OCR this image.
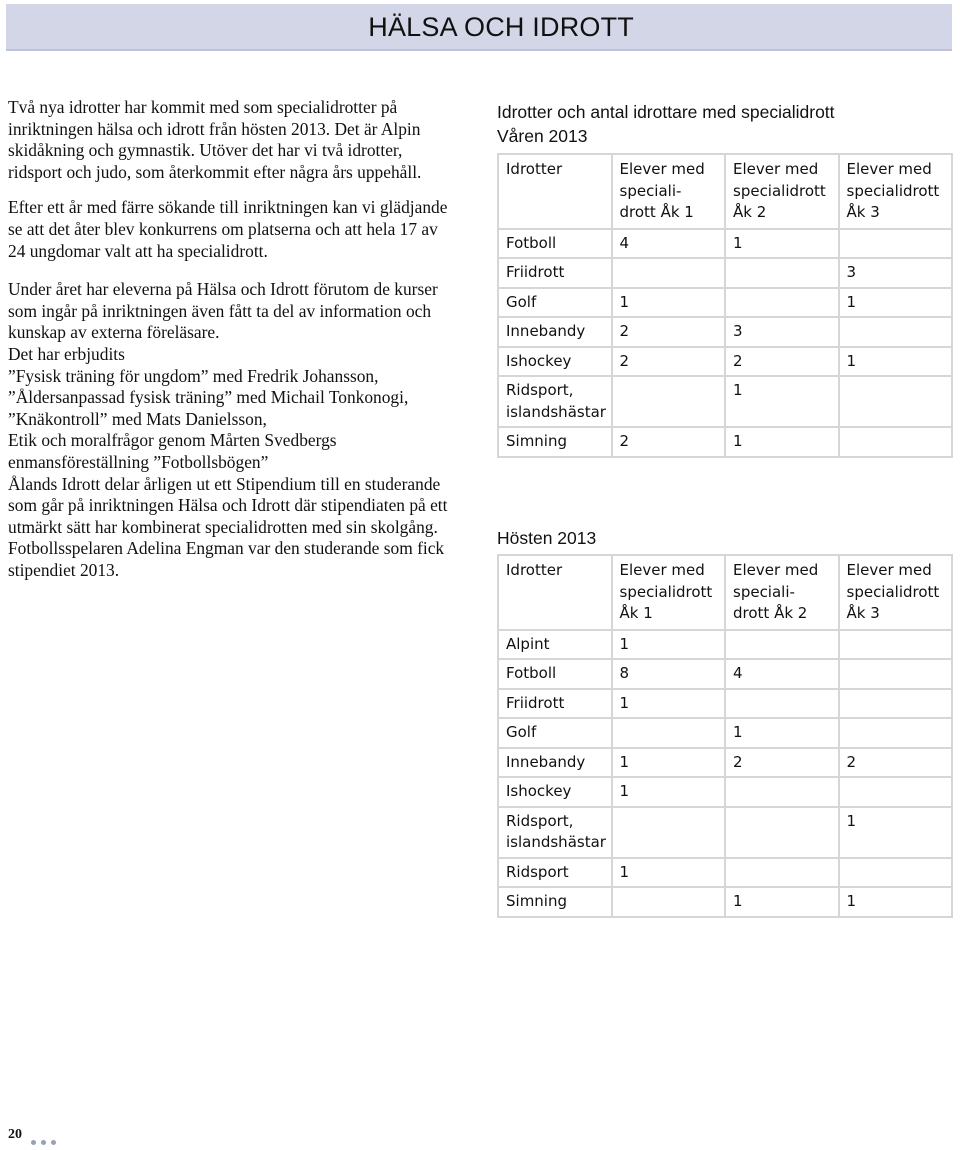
HÄLSA OCH IDROTT

Två nya idrotter har kommit med som specialidrotter på inriktningen hälsa och idrott från hösten 2013. Det är Alpin skidåkning och gymnastik. Utöver det har vi två idrotter, ridsport och judo, som återkommit efter några års uppehåll.

Efter ett år med färre sökande till inriktningen kan vi glädjande se att det åter blev konkurrens om platserna och att hela 17 av 24 ungdomar valt att ha specialidrott.

Under året har eleverna på Hälsa och Idrott förutom de kurser som ingår på inriktningen även fått ta del av information och kunskap av externa föreläsare.

Det har erbjudits

”Fysisk träning för ungdom” med Fredrik Johansson,
”Åldersanpassad fysisk träning” med Michail Tonkonogi,
”Knäkontroll” med Mats Danielsson,

Etik och moralfrågor genom Mårten Svedbergs enmansföreställning ”Fotbollsbögen”

Ålands Idrott delar årligen ut ett Stipendium till en studerande som går på inriktningen Hälsa och Idrott där stipendiaten på ett utmärkt sätt har kombinerat specialidrotten med sin skolgång.

Fotbollsspelaren Adelina Engman var den studerande som fick stipendiet 2013.

Idrotter och antal idrottare med specialidrott
Våren 2013
Idrotter	Elever med speciali-drott Åk 1	Elever med specialidrott Åk 2	Elever med specialidrott Åk 3
Fotboll	4	1	
Friidrott			3
Golf	1		1
Innebandy	2	3	
Ishockey	2	2	1
Ridsport, islandshästar		1	
Simning	2	1	
Hösten 2013
Idrotter	Elever med specialidrott Åk 1	Elever med speciali-drott Åk 2	Elever med specialidrott Åk 3
Alpint	1		
Fotboll	8	4	
Friidrott	1		
Golf		1	
Innebandy	1	2	2
Ishockey	1		
Ridsport, islandshästar			1
Ridsport	1		
Simning		1	1
20
